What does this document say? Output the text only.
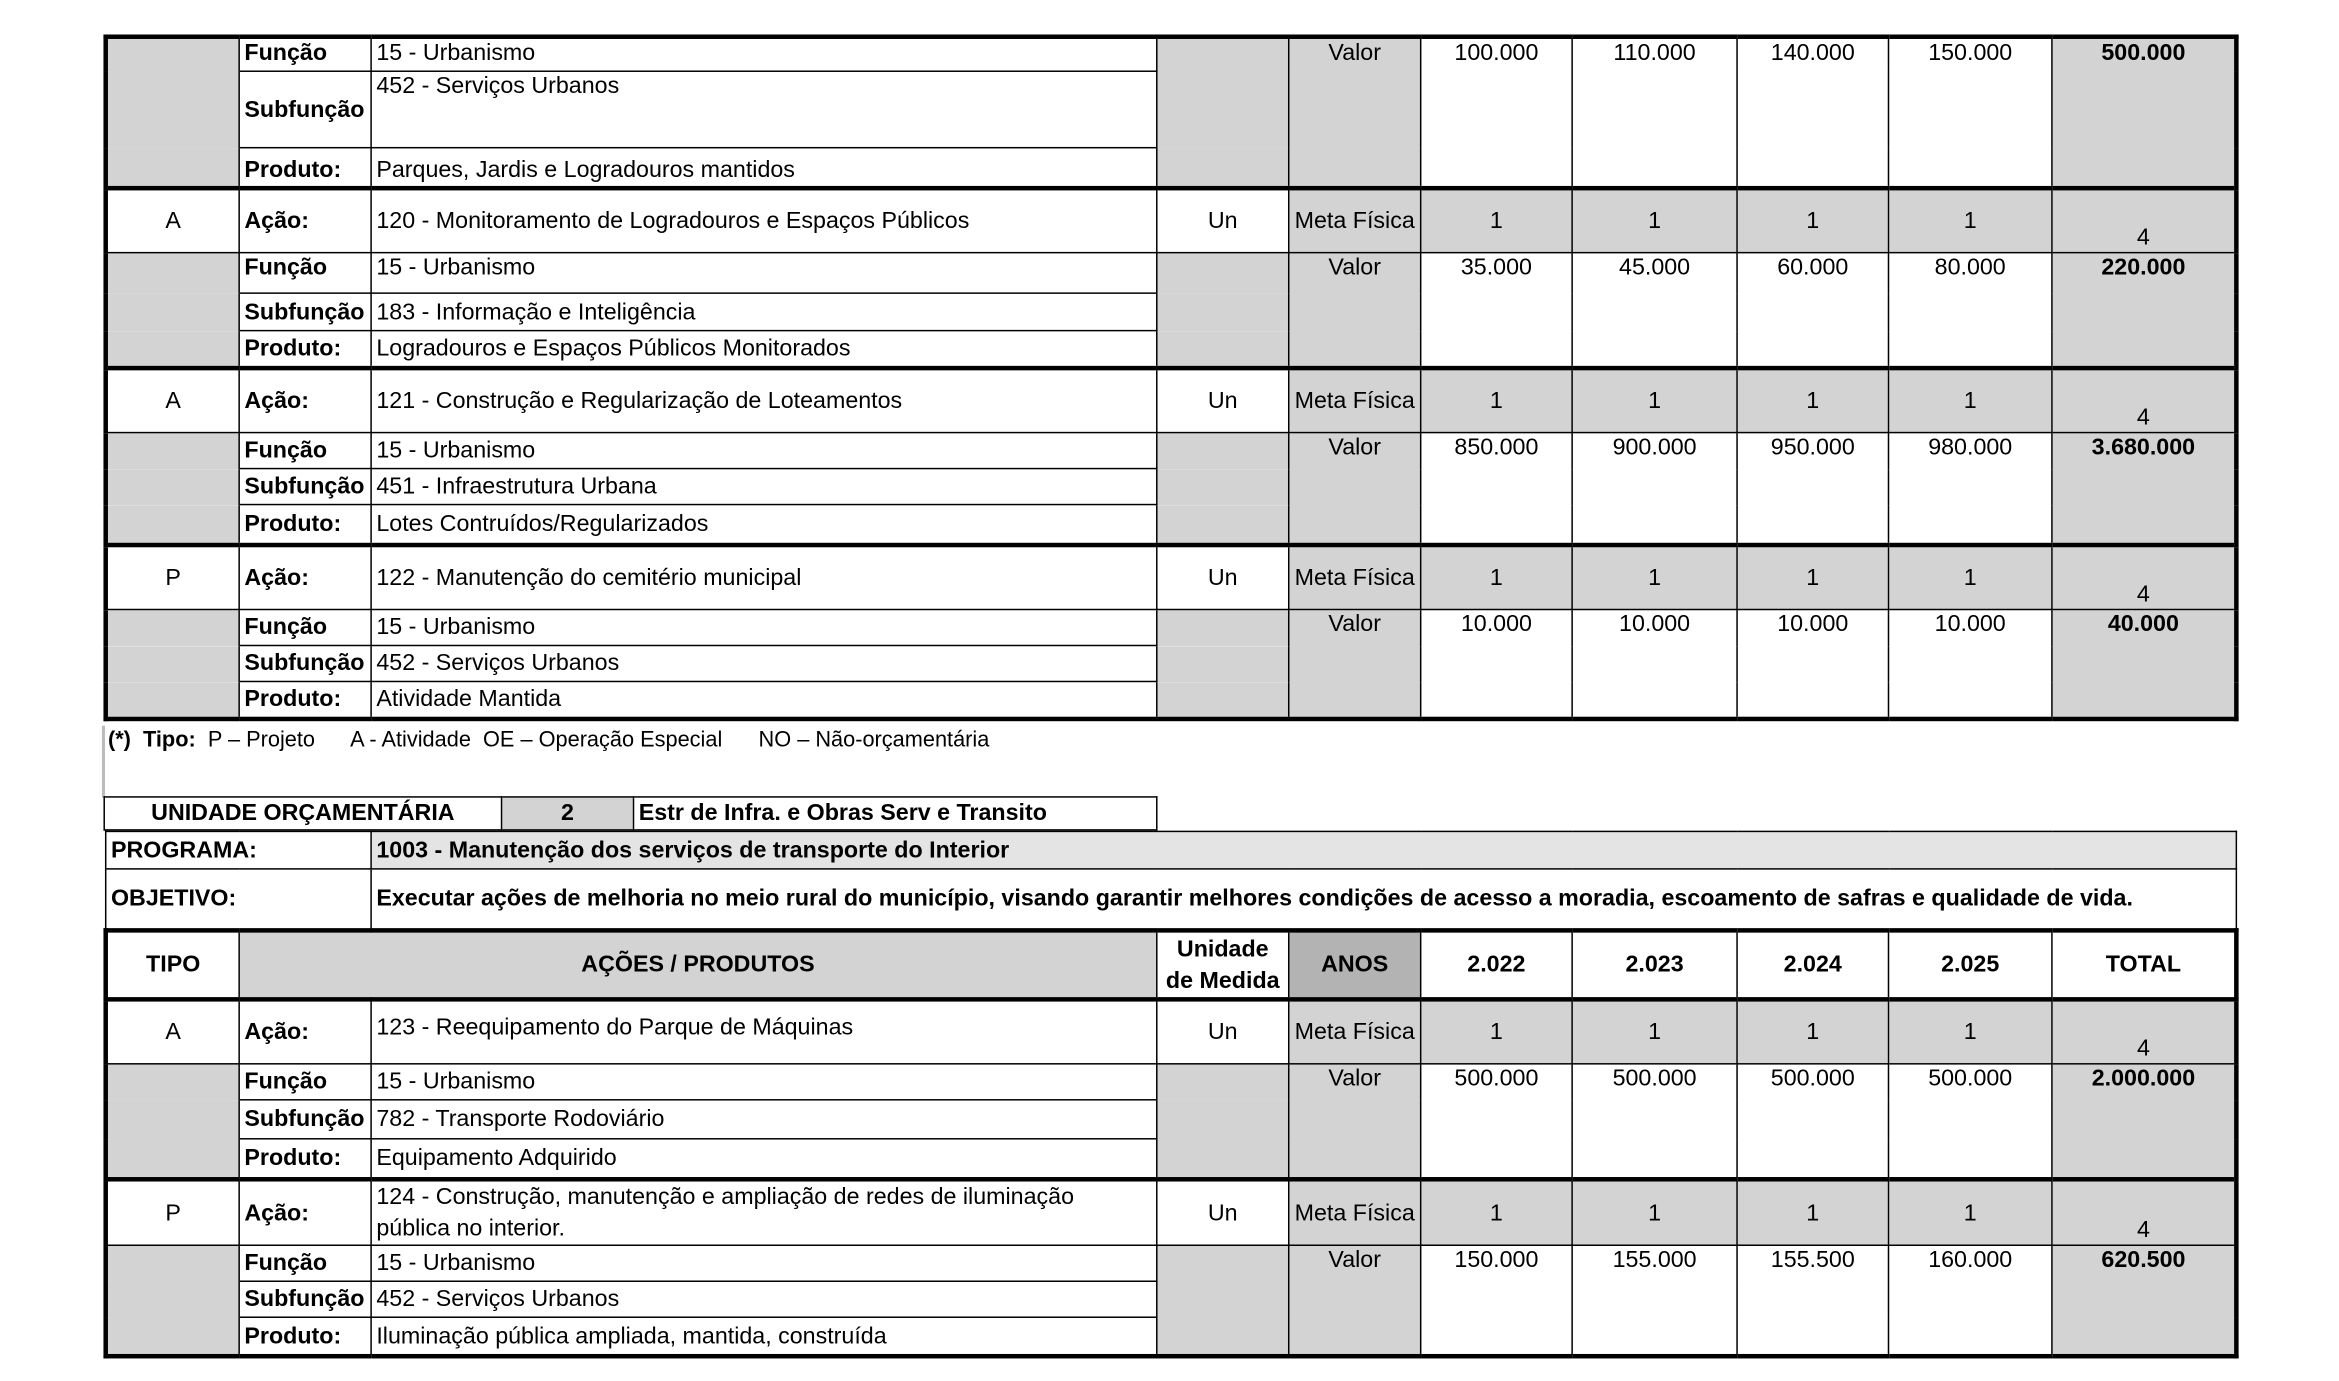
	Função	15 - Urbanismo		Valor	100.000	110.000	140.000	150.000	500.000
	Subfunção	452 - Serviços Urbanos							
	Produto:	Parques, Jardis e Logradouros mantidos							
A	Ação:	120 - Monitoramento de Logradouros e Espaços Públicos	Un	Meta Física	1	1	1	1	4
	Função	15 - Urbanismo		Valor	35.000	45.000	60.000	80.000	220.000
	Subfunção	183 - Informação e Inteligência							
	Produto:	Logradouros e Espaços Públicos Monitorados							
A	Ação:	121 - Construção e Regularização de Loteamentos	Un	Meta Física	1	1	1	1	4
	Função	15 - Urbanismo		Valor	850.000	900.000	950.000	980.000	3.680.000
	Subfunção	451 - Infraestrutura Urbana							
	Produto:	Lotes Contruídos/Regularizados							
P	Ação:	122 - Manutenção do cemitério municipal	Un	Meta Física	1	1	1	1	4
	Função	15 - Urbanismo		Valor	10.000	10.000	10.000	10.000	40.000
	Subfunção	452 - Serviços Urbanos							
	Produto:	Atividade Mantida							
(*) Tipo: P – Projeto A - Atividade OE – Operação Especial NO – Não-orçamentária
UNIDADE ORÇAMENTÁRIA	2	Estr de Infra. e Obras Serv e Transito
PROGRAMA:		1003 - Manutenção dos serviços de transporte do Interior							
OBJETIVO:		Executar ações de melhoria no meio rural do município, visando garantir melhores condições de acesso a moradia, escoamento de safras e qualidade de vida.							
TIPO	AÇÕES / PRODUTOS		Unidade de Medida	ANOS	2.022	2.023	2.024	2.025	TOTAL
A	Ação:	123 - Reequipamento do Parque de Máquinas	Un	Meta Física	1	1	1	1	4
	Função	15 - Urbanismo		Valor	500.000	500.000	500.000	500.000	2.000.000
	Subfunção	782 - Transporte Rodoviário							
	Produto:	Equipamento Adquirido							
P	Ação:	124 - Construção, manutenção e ampliação de redes de iluminação pública no interior.	Un	Meta Física	1	1	1	1	4
	Função	15 - Urbanismo		Valor	150.000	155.000	155.500	160.000	620.500
	Subfunção	452 - Serviços Urbanos							
	Produto:	Iluminação pública ampliada, mantida, construída							
